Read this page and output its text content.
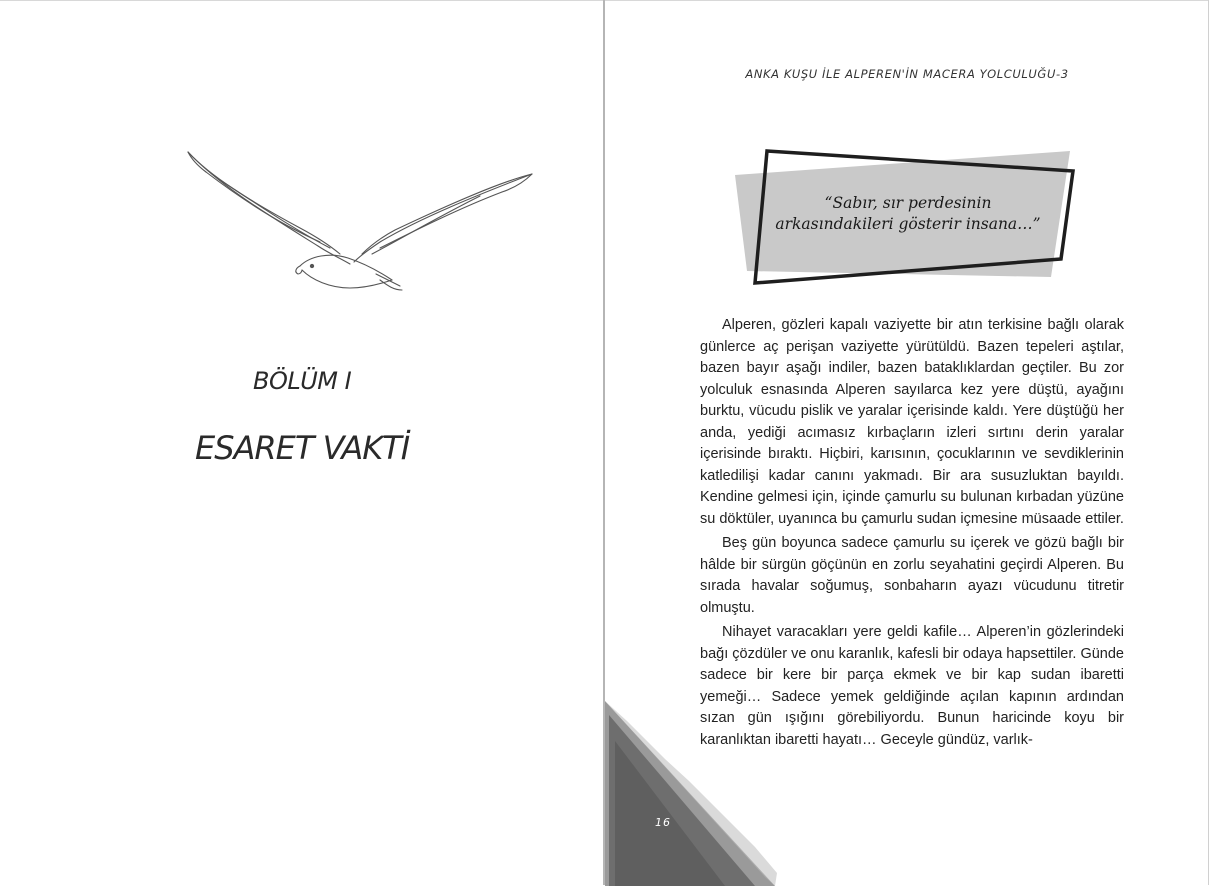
BÖLÜM I
ESARET VAKTİ
ANKA KUŞU İLE ALPEREN'İN MACERA YOLCULUĞU-3
“Sabır, sır perdesinin
arkasındakileri gösterir insana…”

Alperen, gözleri kapalı vaziyette bir atın terkisine bağlı olarak günlerce aç perişan vaziyette yürütüldü. Bazen tepeleri aştılar, bazen bayır aşağı indiler, bazen bataklıklardan geçtiler. Bu zor yolculuk esnasında Alperen sayılarca kez yere düştü, ayağını burktu, vücudu pislik ve yaralar içerisinde kaldı. Yere düştüğü her anda, yediği acımasız kırbaçların izleri sırtını derin yaralar içerisinde bıraktı. Hiçbiri, karısının, çocuklarının ve sevdiklerinin katledilişi kadar canını yakmadı. Bir ara susuzluktan bayıldı. Kendine gelmesi için, içinde çamurlu su bulunan kırbadan yüzüne su döktüler, uyanınca bu çamurlu sudan içmesine müsaade ettiler.

Beş gün boyunca sadece çamurlu su içerek ve gözü bağlı bir hâlde bir sürgün göçünün en zorlu seyahatini geçirdi Alperen. Bu sırada havalar soğumuş, sonbaharın ayazı vücudunu titretir olmuştu.

Nihayet varacakları yere geldi kafile… Alperen’in gözlerindeki bağı çözdüler ve onu karanlık, kafesli bir odaya hapsettiler. Günde sadece bir kere bir parça ekmek ve bir kap sudan ibaretti yemeği… Sadece yemek geldiğinde açılan kapının ardından sızan gün ışığını görebiliyordu. Bunun haricinde koyu bir karanlıktan ibaretti hayatı… Geceyle gündüz, varlık-

16
